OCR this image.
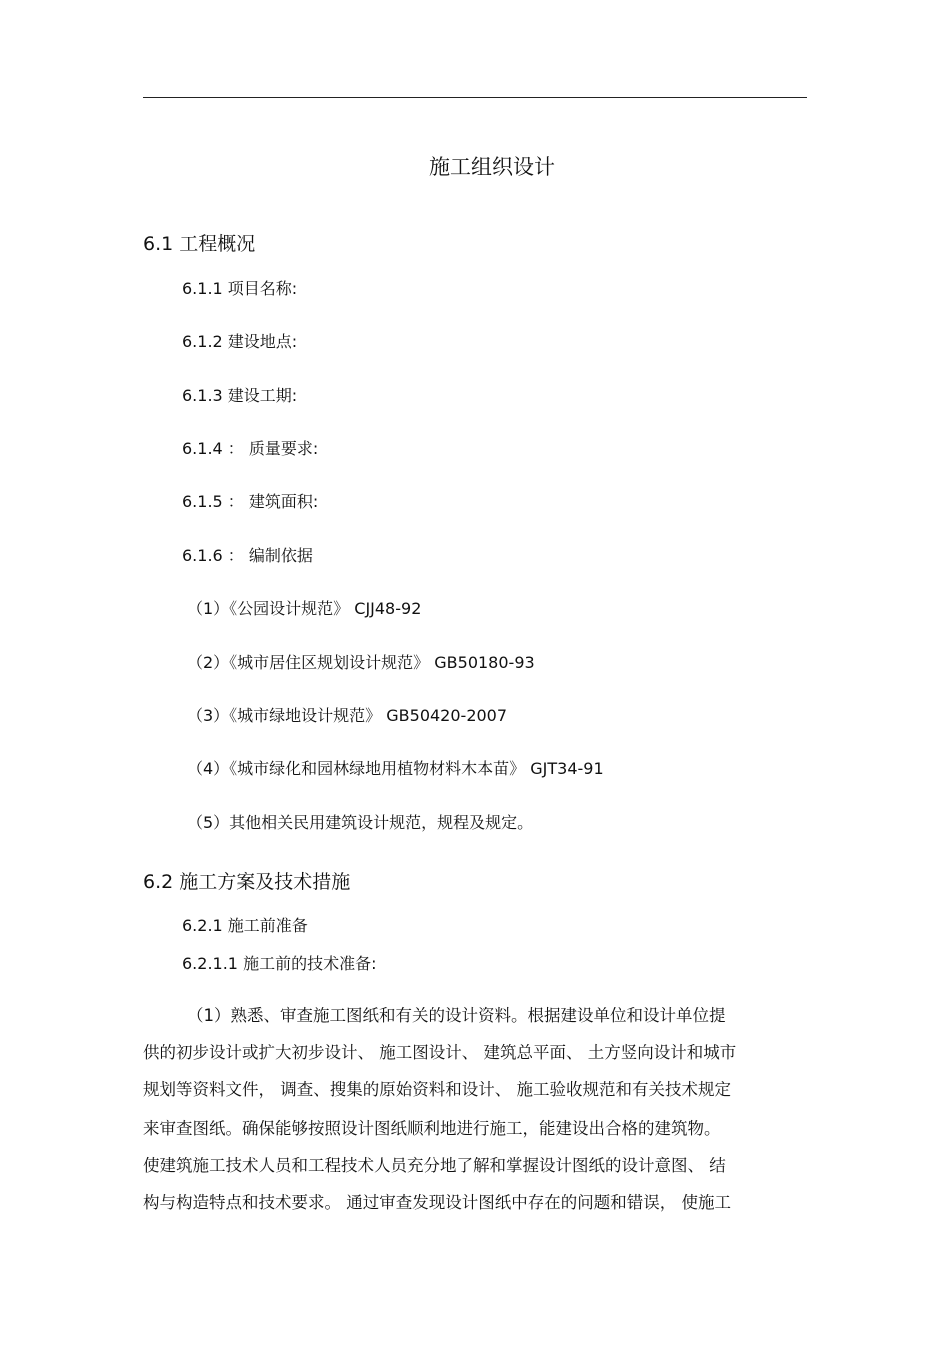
施工组织设计
6.1 工程概况
6.1.1 项目名称:
6.1.2 建设地点:
6.1.3 建设工期:
6.1.4 ： 质量要求:
6.1.5 ： 建筑面积:
6.1.6 ： 编制依据
（1）《公园设计规范》 CJJ48-92
（2）《城市居住区规划设计规范》 GB50180-93
（3）《城市绿地设计规范》 GB50420-2007
（4）《城市绿化和园林绿地用植物材料木本苗》 GJT34-91
（5）其他相关民用建筑设计规范，规程及规定。
6.2 施工方案及技术措施
6.2.1 施工前准备
6.2.1.1 施工前的技术准备:
（1）熟悉、审查施工图纸和有关的设计资料。根据建设单位和设计单位提
供的初步设计或扩大初步设计、 施工图设计、 建筑总平面、 土方竖向设计和城市
规划等资料文件， 调查、搜集的原始资料和设计、 施工验收规范和有关技术规定
来审查图纸。确保能够按照设计图纸顺利地进行施工，能建设出合格的建筑物。
使建筑施工技术人员和工程技术人员充分地了解和掌握设计图纸的设计意图、 结
构与构造特点和技术要求。 通过审查发现设计图纸中存在的问题和错误， 使施工
